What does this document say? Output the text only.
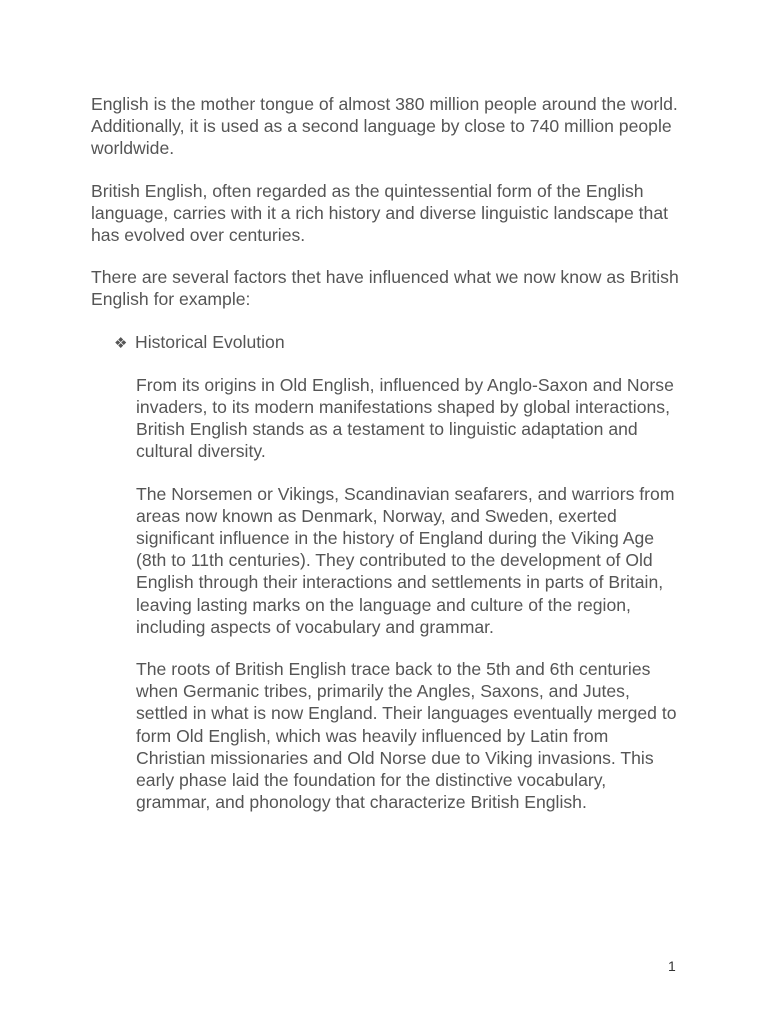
English is the mother tongue of almost 380 million people around the world. Additionally, it is used as a second language by close to 740 million people worldwide.

British English, often regarded as the quintessential form of the English language, carries with it a rich history and diverse linguistic landscape that has evolved over centuries.

There are several factors thet have influenced what we now know as British English for example:

❖ Historical Evolution

From its origins in Old English, influenced by Anglo-Saxon and Norse invaders, to its modern manifestations shaped by global interactions, British English stands as a testament to linguistic adaptation and cultural diversity.

The Norsemen or Vikings, Scandinavian seafarers, and warriors from areas now known as Denmark, Norway, and Sweden, exerted significant influence in the history of England during the Viking Age (8th to 11th centuries). They contributed to the development of Old English through their interactions and settlements in parts of Britain, leaving lasting marks on the language and culture of the region, including aspects of vocabulary and grammar.

The roots of British English trace back to the 5th and 6th centuries when Germanic tribes, primarily the Angles, Saxons, and Jutes, settled in what is now England. Their languages eventually merged to form Old English, which was heavily influenced by Latin from Christian missionaries and Old Norse due to Viking invasions. This early phase laid the foundation for the distinctive vocabulary, grammar, and phonology that characterize British English.

1
